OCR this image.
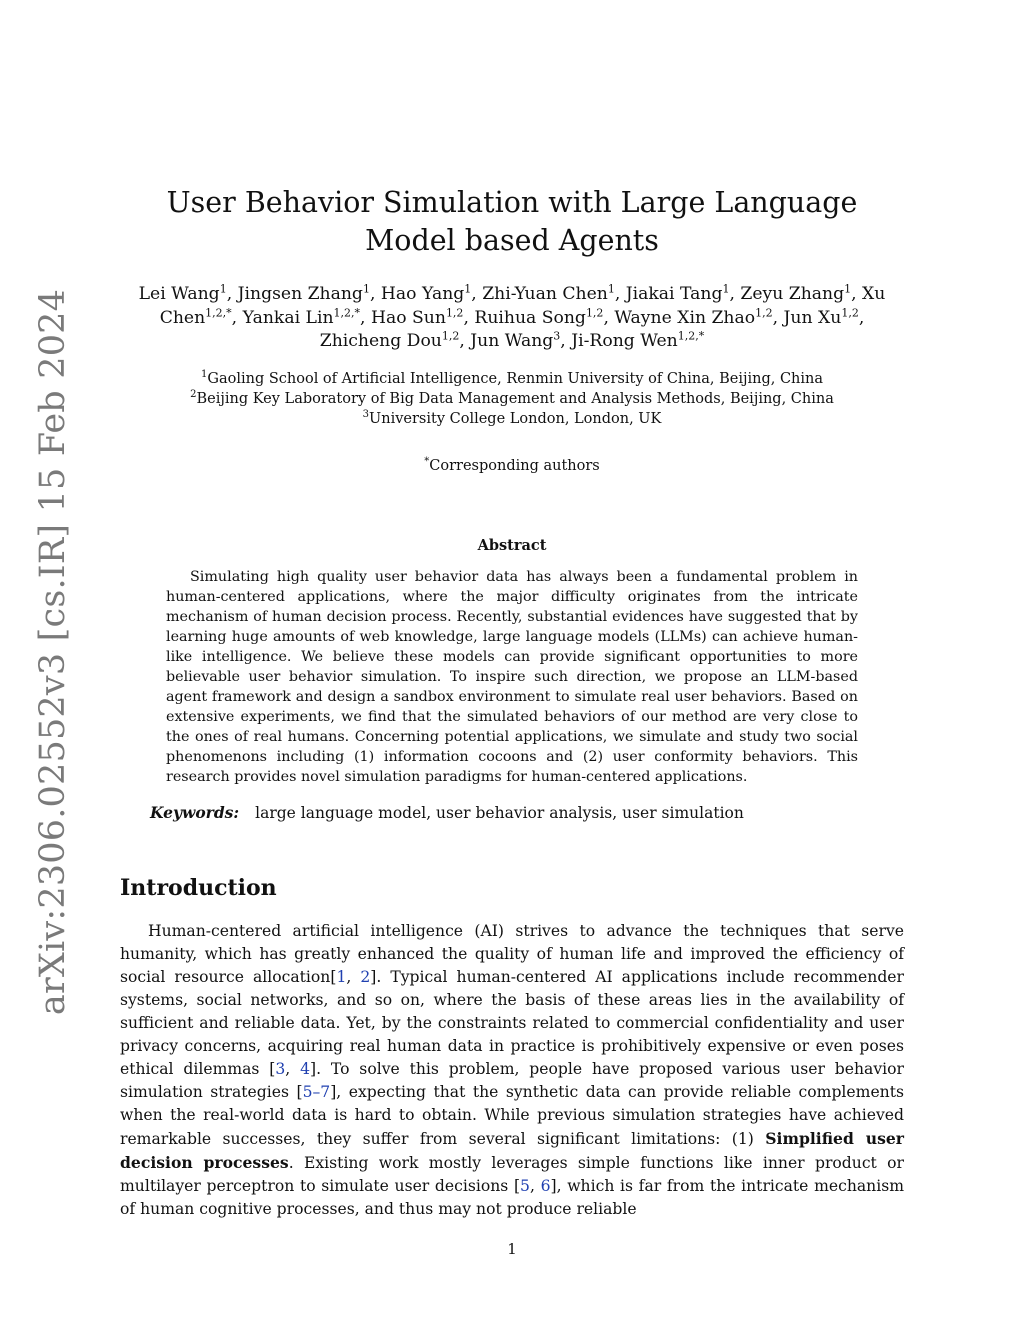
arXiv:2306.02552v3 [cs.IR] 15 Feb 2024
User Behavior Simulation with Large Language Model based Agents
Lei Wang$^1$, Jingsen Zhang$^1$, Hao Yang$^1$, Zhi-Yuan Chen$^1$, Jiakai Tang$^1$, Zeyu Zhang$^1$, Xu Chen$^{1,2,*}$, Yankai Lin$^{1,2,*}$, Hao Sun$^{1,2}$, Ruihua Song$^{1,2}$, Wayne Xin Zhao$^{1,2}$, Jun Xu$^{1,2}$, Zhicheng Dou$^{1,2}$, Jun Wang$^3$, Ji-Rong Wen$^{1,2,*}$
$^1$Gaoling School of Artificial Intelligence, Renmin University of China, Beijing, China
$^2$Beijing Key Laboratory of Big Data Management and Analysis Methods, Beijing, China
$^3$University College London, London, UK
*Corresponding authors
Abstract
Simulating high quality user behavior data has always been a fundamental problem in human-centered applications, where the major difficulty originates from the intricate mechanism of human decision process. Recently, substantial evidences have suggested that by learning huge amounts of web knowledge, large language models (LLMs) can achieve human-like intelligence. We believe these models can provide significant opportunities to more believable user behavior simulation. To inspire such direction, we propose an LLM-based agent framework and design a sandbox environment to simulate real user behaviors. Based on extensive experiments, we find that the simulated behaviors of our method are very close to the ones of real humans. Concerning potential applications, we simulate and study two social phenomenons including (1) information cocoons and (2) user conformity behaviors. This research provides novel simulation paradigms for human-centered applications.
Keywords: large language model, user behavior analysis, user simulation
Introduction
Human-centered artificial intelligence (AI) strives to advance the techniques that serve humanity, which has greatly enhanced the quality of human life and improved the efficiency of social resource allocation[1, 2]. Typical human-centered AI applications include recommender systems, social networks, and so on, where the basis of these areas lies in the availability of sufficient and reliable data. Yet, by the constraints related to commercial confidentiality and user privacy concerns, acquiring real human data in practice is prohibitively expensive or even poses ethical dilemmas [3, 4]. To solve this problem, people have proposed various user behavior simulation strategies [5–7], expecting that the synthetic data can provide reliable complements when the real-world data is hard to obtain. While previous simulation strategies have achieved remarkable successes, they suffer from several significant limitations: (1) Simplified user decision processes. Existing work mostly leverages simple functions like inner product or multilayer perceptron to simulate user decisions [5, 6], which is far from the intricate mechanism of human cognitive processes, and thus may not produce reliable
1
